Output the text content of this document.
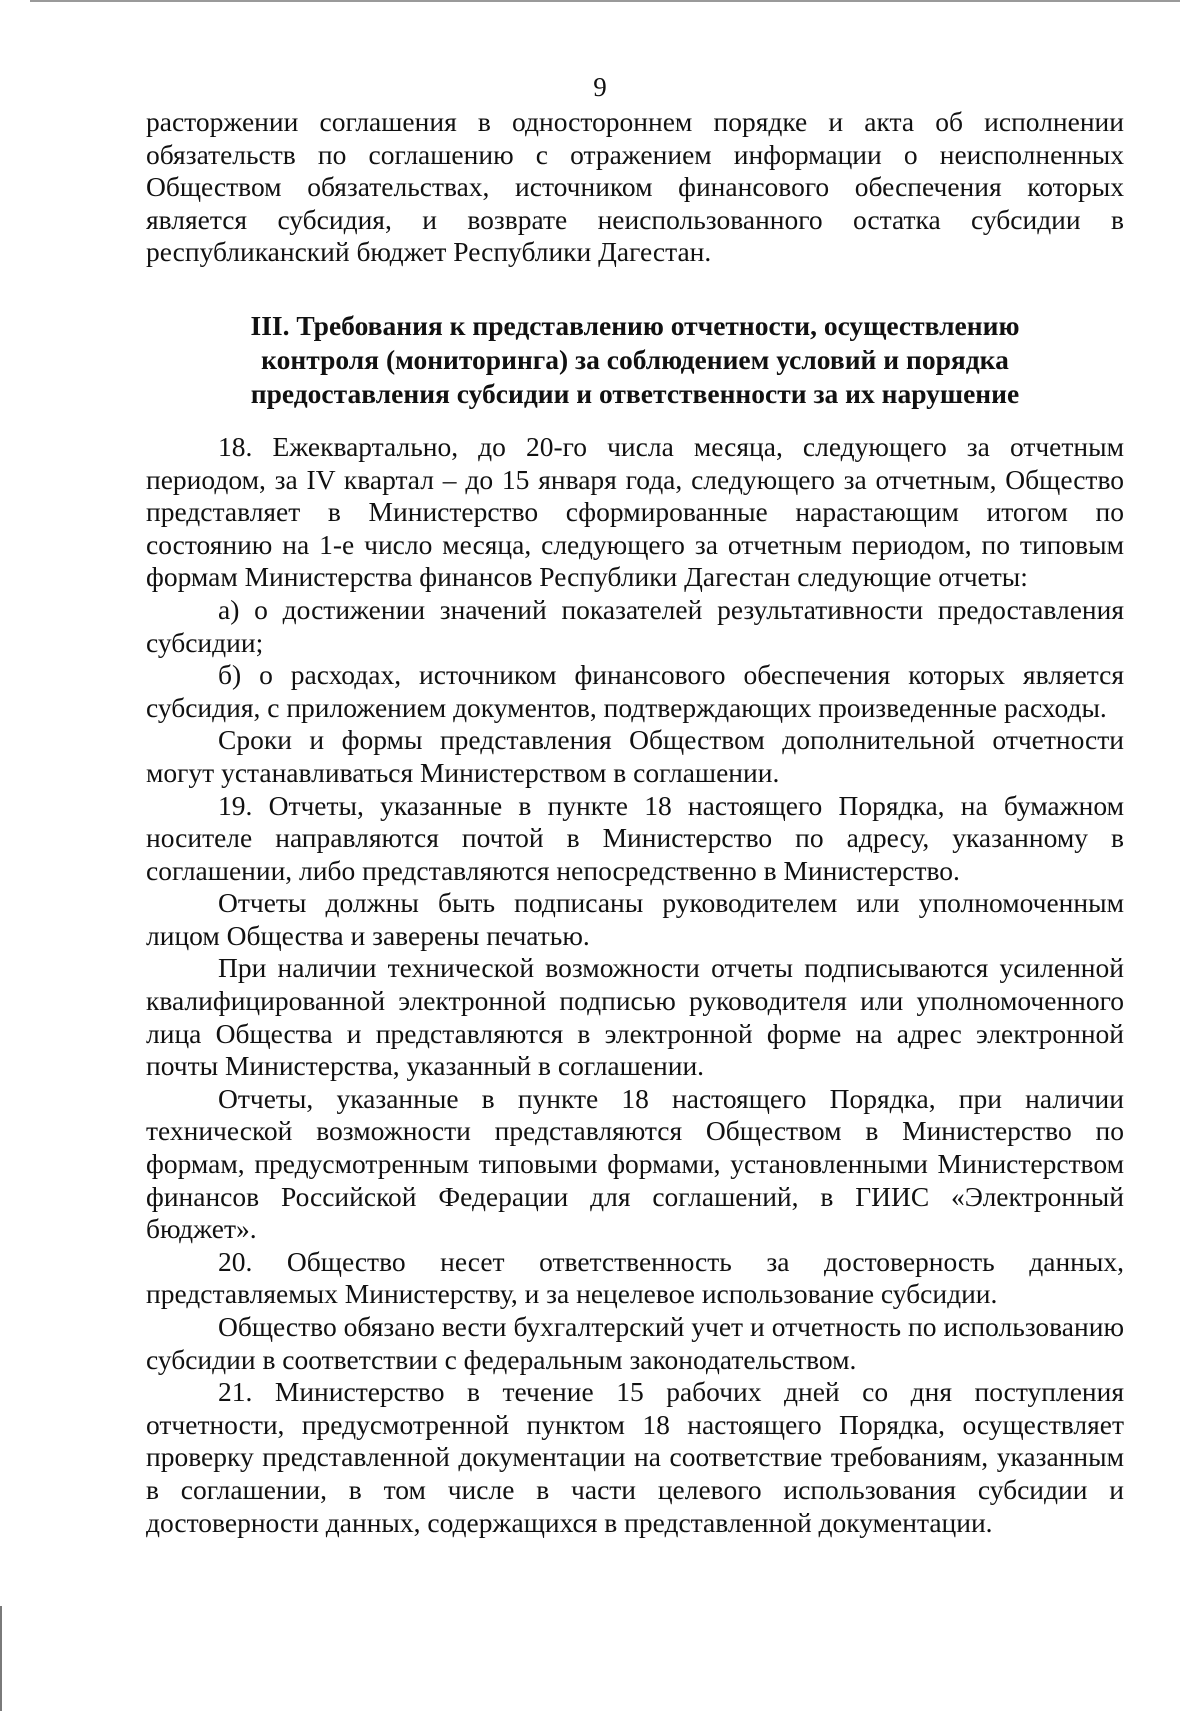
9

расторжении соглашения в одностороннем порядке и акта об исполнении обязательств по соглашению с отражением информации о неисполненных Обществом обязательствах, источником финансового обеспечения которых является субсидия, и возврате неиспользованного остатка субсидии в республиканский бюджет Республики Дагестан.

III. Требования к представлению отчетности, осуществлению
контроля (мониторинга) за соблюдением условий и порядка
предоставления субсидии и ответственности за их нарушение

18. Ежеквартально, до 20-го числа месяца, следующего за отчетным периодом, за IV квартал – до 15 января года, следующего за отчетным, Общество представляет в Министерство сформированные нарастающим итогом по состоянию на 1-е число месяца, следующего за отчетным периодом, по типовым формам Министерства финансов Республики Дагестан следующие отчеты:

а) о достижении значений показателей результативности предоставления субсидии;

б) о расходах, источником финансового обеспечения которых является субсидия, с приложением документов, подтверждающих произведенные расходы.

Сроки и формы представления Обществом дополнительной отчетности могут устанавливаться Министерством в соглашении.

19. Отчеты, указанные в пункте 18 настоящего Порядка, на бумажном носителе направляются почтой в Министерство по адресу, указанному в соглашении, либо представляются непосредственно в Министерство.

Отчеты должны быть подписаны руководителем или уполномоченным лицом Общества и заверены печатью.

При наличии технической возможности отчеты подписываются усиленной квалифицированной электронной подписью руководителя или уполномоченного лица Общества и представляются в электронной форме на адрес электронной почты Министерства, указанный в соглашении.

Отчеты, указанные в пункте 18 настоящего Порядка, при наличии технической возможности представляются Обществом в Министерство по формам, предусмотренным типовыми формами, установленными Министерством финансов Российской Федерации для соглашений, в ГИИС «Электронный бюджет».

20. Общество несет ответственность за достоверность данных, представляемых Министерству, и за нецелевое использование субсидии.

Общество обязано вести бухгалтерский учет и отчетность по использованию субсидии в соответствии с федеральным законодательством.

21. Министерство в течение 15 рабочих дней со дня поступления отчетности, предусмотренной пунктом 18 настоящего Порядка, осуществляет проверку представленной документации на соответствие требованиям, указанным в соглашении, в том числе в части целевого использования субсидии и достоверности данных, содержащихся в представленной документации.
